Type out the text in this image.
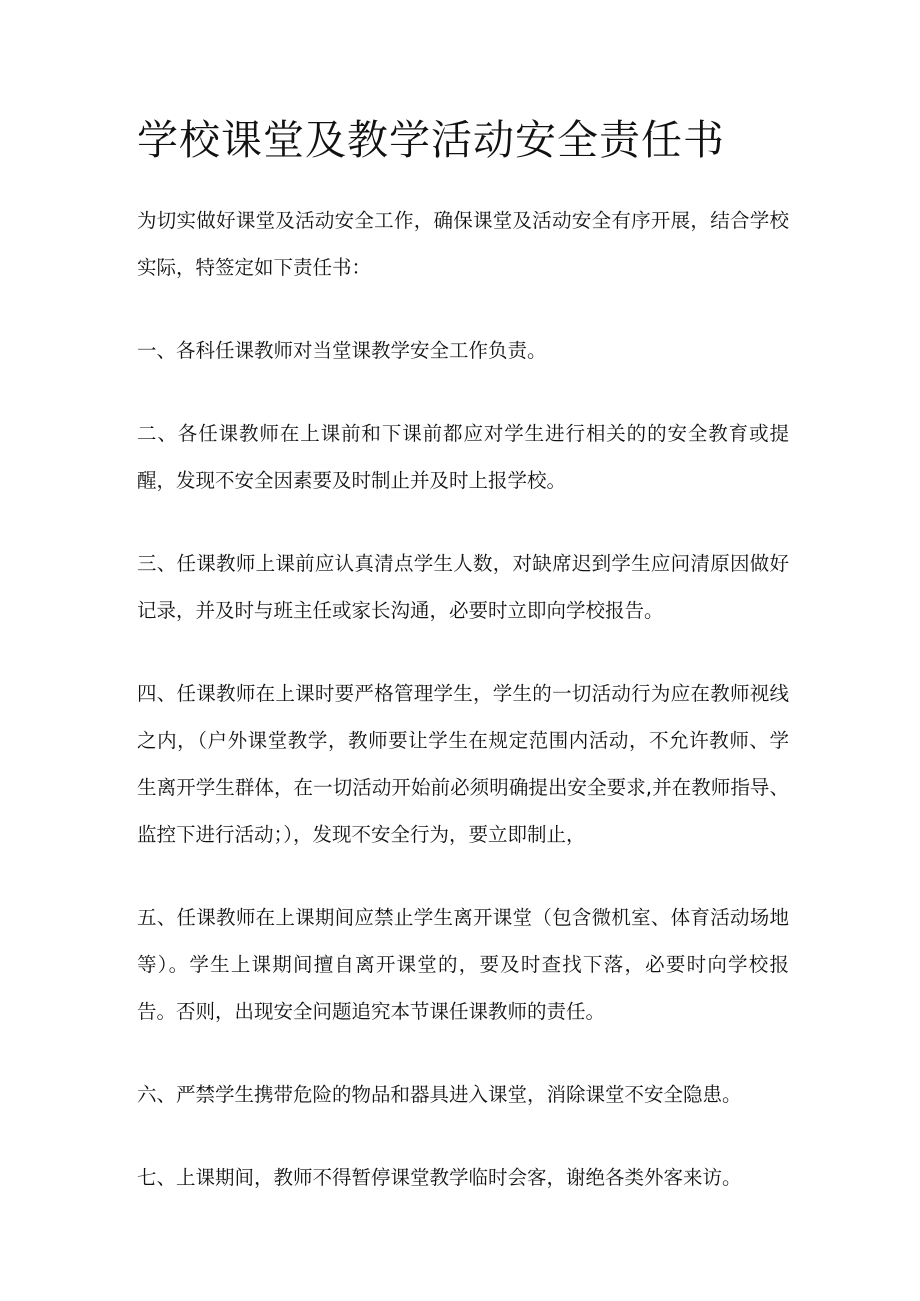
学校课堂及教学活动安全责任书

为切实做好课堂及活动安全工作，确保课堂及活动安全有序开展，结合学校实际，特签定如下责任书：

一、各科任课教师对当堂课教学安全工作负责。

二、各任课教师在上课前和下课前都应对学生进行相关的的安全教育或提醒，发现不安全因素要及时制止并及时上报学校。

三、任课教师上课前应认真清点学生人数，对缺席迟到学生应问清原因做好记录，并及时与班主任或家长沟通，必要时立即向学校报告。

四、任课教师在上课时要严格管理学生，学生的一切活动行为应在教师视线之内，（户外课堂教学，教师要让学生在规定范围内活动，不允许教师、学生离开学生群体，在一切活动开始前必须明确提出安全要求,并在教师指导、监控下进行活动；），发现不安全行为，要立即制止，

五、任课教师在上课期间应禁止学生离开课堂（包含微机室、体育活动场地等）。学生上课期间擅自离开课堂的，要及时查找下落，必要时向学校报告。否则，出现安全问题追究本节课任课教师的责任。

六、严禁学生携带危险的物品和器具进入课堂，消除课堂不安全隐患。

七、上课期间，教师不得暂停课堂教学临时会客，谢绝各类外客来访。
